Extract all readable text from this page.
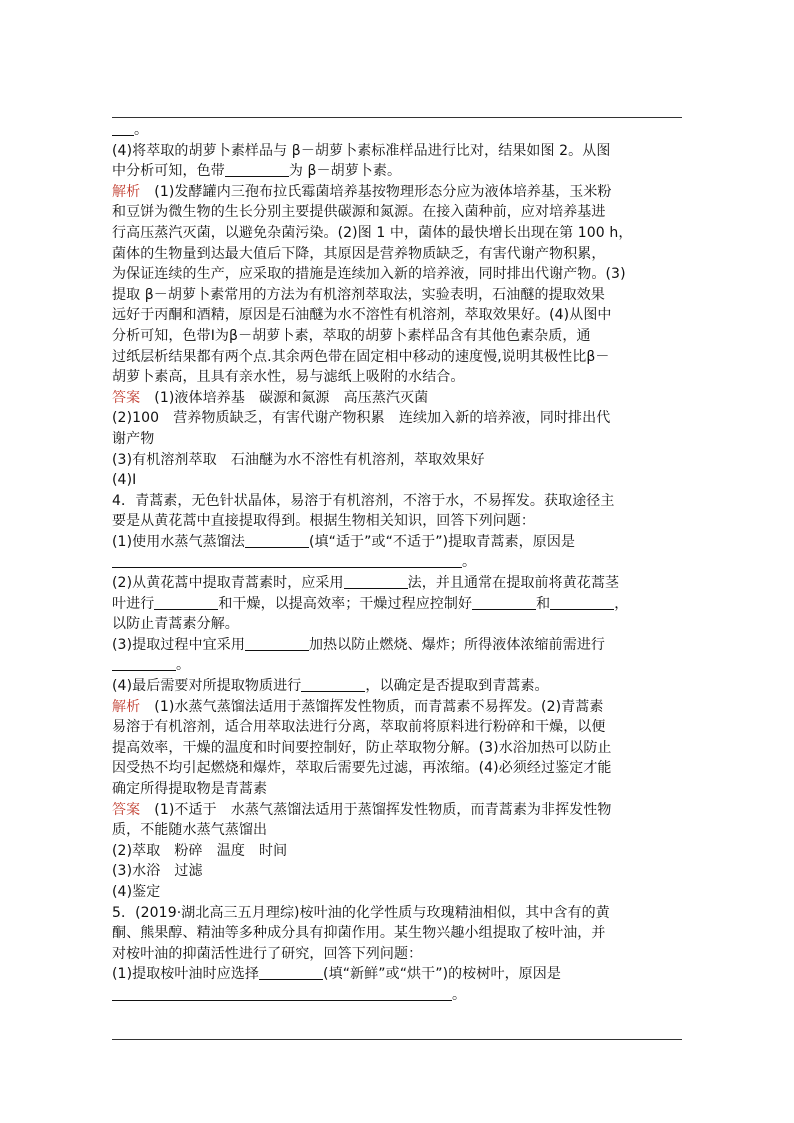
。

(4)将萃取的胡萝卜素样品与 β－胡萝卜素标准样品进行比对，结果如图 2。从图

中分析可知，色带	为 β－胡萝卜素。

解析　(1)发酵罐内三孢布拉氏霉菌培养基按物理形态分应为液体培养基，玉米粉

和豆饼为微生物的生长分别主要提供碳源和氮源。在接入菌种前，应对培养基进

行高压蒸汽灭菌，以避免杂菌污染。(2)图 1 中，菌体的最快增长出现在第 100 h，

菌体的生物量到达最大值后下降，其原因是营养物质缺乏，有害代谢产物积累，

为保证连续的生产，应采取的措施是连续加入新的培养液，同时排出代谢产物。(3)

提取 β－胡萝卜素常用的方法为有机溶剂萃取法，实验表明，石油醚的提取效果

远好于丙酮和酒精，原因是石油醚为水不溶性有机溶剂，萃取效果好。(4)从图中

分析可知，色带Ⅰ为β－胡萝卜素，萃取的胡萝卜素样品含有其他色素杂质，通

过纸层析结果都有两个点.其余两色带在固定相中移动的速度慢,说明其极性比β－

胡萝卜素高，且具有亲水性，易与滤纸上吸附的水结合。

答案　(1)液体培养基　碳源和氮源　高压蒸汽灭菌

(2)100　营养物质缺乏，有害代谢产物积累　连续加入新的培养液，同时排出代

谢产物

(3)有机溶剂萃取　石油醚为水不溶性有机溶剂，萃取效果好

(4)Ⅰ

4．青蒿素，无色针状晶体，易溶于有机溶剂，不溶于水，不易挥发。获取途径主

要是从黄花蒿中直接提取得到。根据生物相关知识，回答下列问题：

(1)使用水蒸气蒸馏法	(填“适于”或“不适于”)提取青蒿素，原因是

。

(2)从黄花蒿中提取青蒿素时，应采用	法，并且通常在提取前将黄花蒿茎

叶进行	和干燥，以提高效率；干燥过程应控制好	和	，

以防止青蒿素分解。

(3)提取过程中宜采用	加热以防止燃烧、爆炸；所得液体浓缩前需进行

。

(4)最后需要对所提取物质进行	，以确定是否提取到青蒿素。

解析　(1)水蒸气蒸馏法适用于蒸馏挥发性物质，而青蒿素不易挥发。(2)青蒿素

易溶于有机溶剂，适合用萃取法进行分离，萃取前将原料进行粉碎和干燥，以便

提高效率，干燥的温度和时间要控制好，防止萃取物分解。(3)水浴加热可以防止

因受热不均引起燃烧和爆炸，萃取后需要先过滤，再浓缩。(4)必须经过鉴定才能

确定所得提取物是青蒿素

答案　(1)不适于　水蒸气蒸馏法适用于蒸馏挥发性物质，而青蒿素为非挥发性物

质，不能随水蒸气蒸馏出

(2)萃取　粉碎　温度　时间

(3)水浴　过滤

(4)鉴定

5．(2019·湖北高三五月理综)桉叶油的化学性质与玫瑰精油相似，其中含有的黄

酮、熊果醇、精油等多种成分具有抑菌作用。某生物兴趣小组提取了桉叶油，并

对桉叶油的抑菌活性进行了研究，回答下列问题：

(1)提取桉叶油时应选择	(填“新鲜”或“烘干”)的桉树叶，原因是

。
